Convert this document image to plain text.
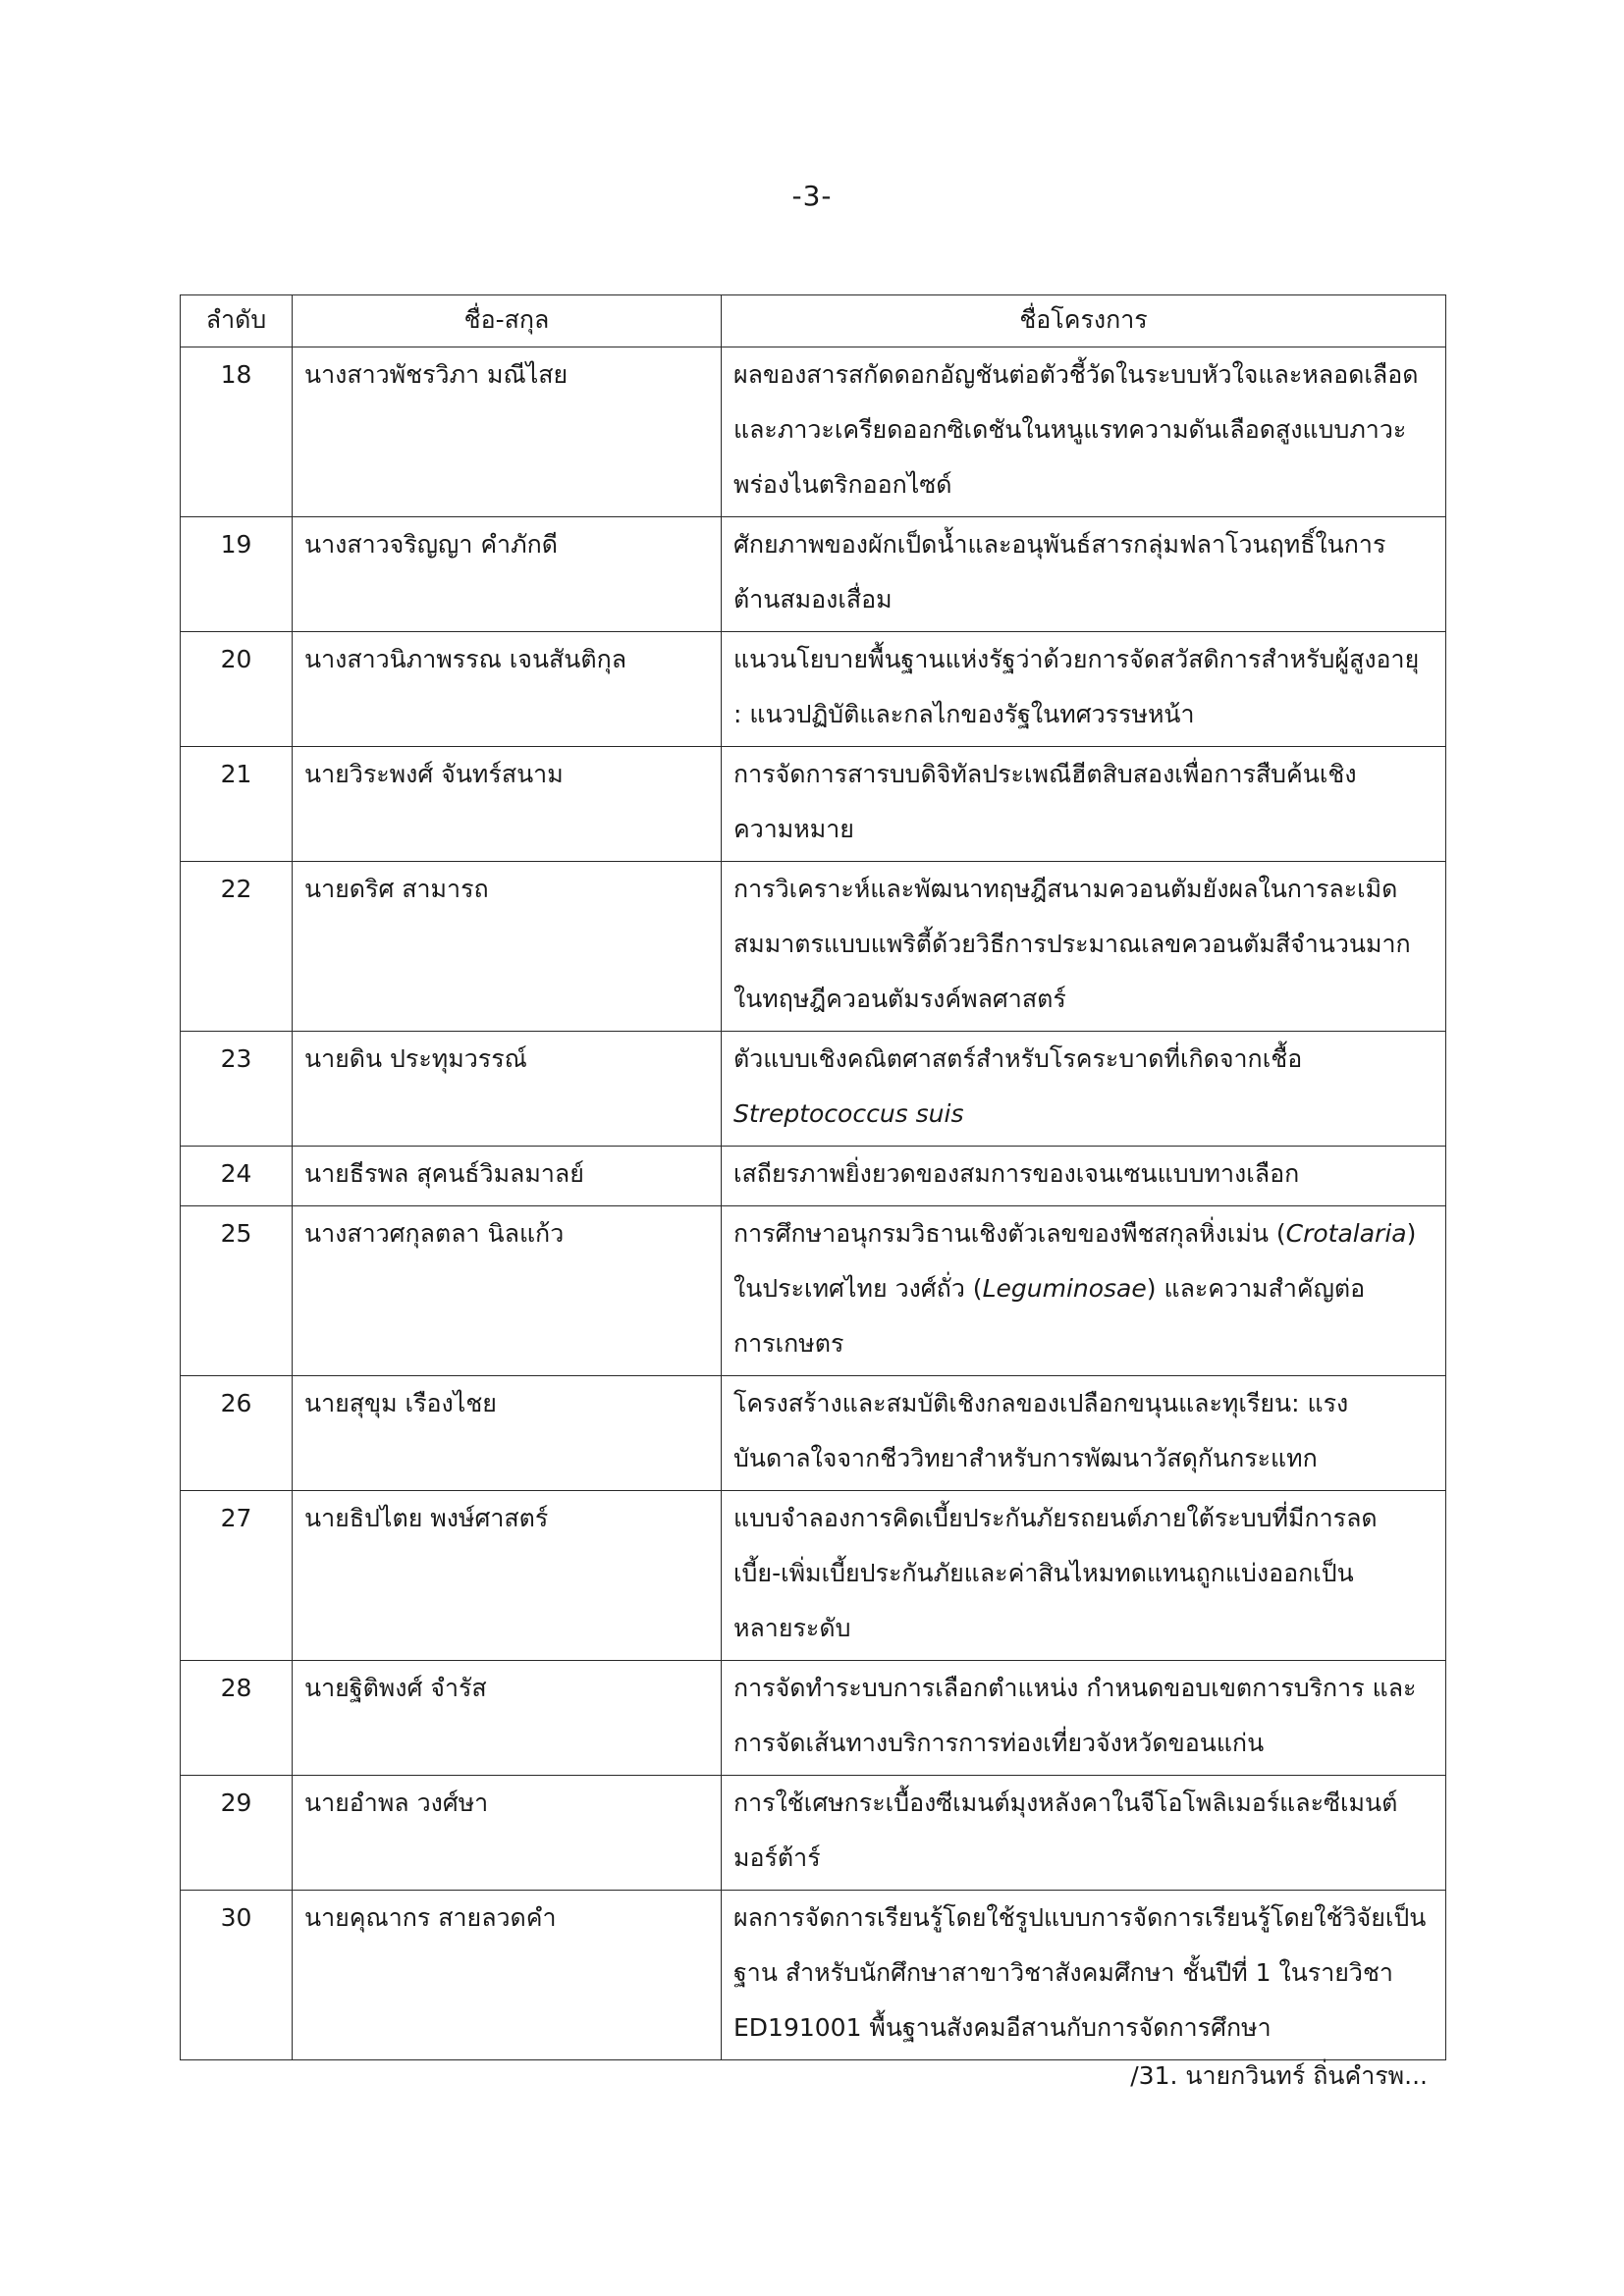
-3-
ลำดับ	ชื่อ-สกุล	ชื่อโครงการ
18	นางสาวพัชรวิภา มณีไสย	ผลของสารสกัดดอกอัญชันต่อตัวชี้วัดในระบบหัวใจและหลอดเลือด
และภาวะเครียดออกซิเดชันในหนูแรทความดันเลือดสูงแบบภาวะ
พร่องไนตริกออกไซด์

19	นางสาวจริญญา คำภักดี	ศักยภาพของผักเป็ดน้ำและอนุพันธ์สารกลุ่มฟลาโวนฤทธิ์ในการ
ต้านสมองเสื่อม

20	นางสาวนิภาพรรณ เจนสันติกุล	แนวนโยบายพื้นฐานแห่งรัฐว่าด้วยการจัดสวัสดิการสำหรับผู้สูงอายุ
: แนวปฏิบัติและกลไกของรัฐในทศวรรษหน้า

21	นายวิระพงศ์ จันทร์สนาม	การจัดการสารบบดิจิทัลประเพณีฮีตสิบสองเพื่อการสืบค้นเชิง
ความหมาย

22	นายดริศ สามารถ	การวิเคราะห์และพัฒนาทฤษฎีสนามควอนตัมยังผลในการละเมิด
สมมาตรแบบแพริตี้ด้วยวิธีการประมาณเลขควอนตัมสีจำนวนมาก
ในทฤษฎีควอนตัมรงค์พลศาสตร์

23	นายดิน ประทุมวรรณ์	ตัวแบบเชิงคณิตศาสตร์สำหรับโรคระบาดที่เกิดจากเชื้อ
Streptococcus suis

24	นายธีรพล สุคนธ์วิมลมาลย์	เสถียรภาพยิ่งยวดของสมการของเจนเซนแบบทางเลือก

25	นางสาวศกุลตลา นิลแก้ว	การศึกษาอนุกรมวิธานเชิงตัวเลขของพืชสกุลหิ่งเม่น (Crotalaria)
ในประเทศไทย วงศ์ถั่ว (Leguminosae) และความสำคัญต่อ
การเกษตร

26	นายสุขุม เรืองไชย	โครงสร้างและสมบัติเชิงกลของเปลือกขนุนและทุเรียน: แรง
บันดาลใจจากชีววิทยาสำหรับการพัฒนาวัสดุกันกระแทก

27	นายธิปไตย พงษ์ศาสตร์	แบบจำลองการคิดเบี้ยประกันภัยรถยนต์ภายใต้ระบบที่มีการลด
เบี้ย-เพิ่มเบี้ยประกันภัยและค่าสินไหมทดแทนถูกแบ่งออกเป็น
หลายระดับ

28	นายฐิติพงศ์ จำรัส	การจัดทำระบบการเลือกตำแหน่ง กำหนดขอบเขตการบริการ และ
การจัดเส้นทางบริการการท่องเที่ยวจังหวัดขอนแก่น

29	นายอำพล วงศ์ษา	การใช้เศษกระเบื้องซีเมนต์มุงหลังคาในจีโอโพลิเมอร์และซีเมนต์
มอร์ต้าร์

30	นายคุณากร สายลวดคำ	ผลการจัดการเรียนรู้โดยใช้รูปแบบการจัดการเรียนรู้โดยใช้วิจัยเป็น
ฐาน สำหรับนักศึกษาสาขาวิชาสังคมศึกษา ชั้นปีที่ 1 ในรายวิชา
ED191001 พื้นฐานสังคมอีสานกับการจัดการศึกษา
/31. นายกวินทร์ ถิ่นคำรพ...
